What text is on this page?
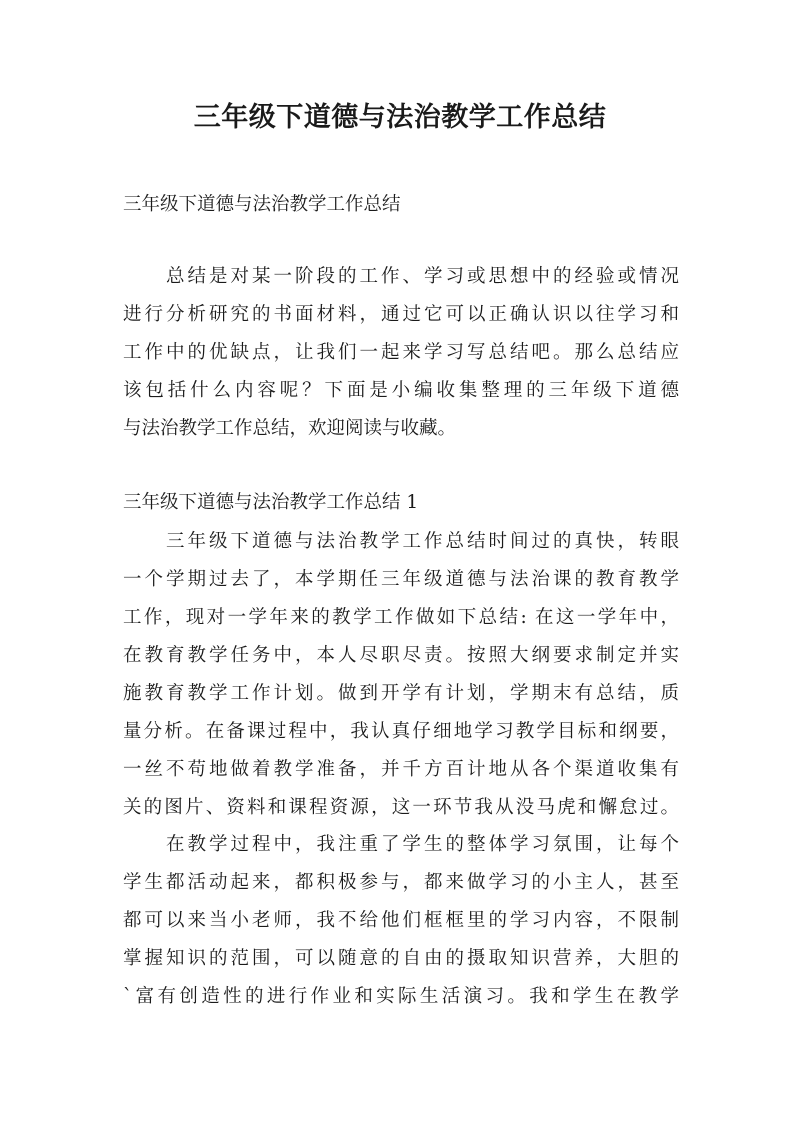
三年级下道德与法治教学工作总结
三年级下道德与法治教学工作总结
总结是对某一阶段的工作、学习或思想中的经验或情况
进行分析研究的书面材料，通过它可以正确认识以往学习和
工作中的优缺点，让我们一起来学习写总结吧。那么总结应
该包括什么内容呢？下面是小编收集整理的三年级下道德
与法治教学工作总结，欢迎阅读与收藏。
三年级下道德与法治教学工作总结 1
三年级下道德与法治教学工作总结时间过的真快，转眼
一个学期过去了，本学期任三年级道德与法治课的教育教学
工作，现对一学年来的教学工作做如下总结: 在这一学年中，
在教育教学任务中，本人尽职尽责。按照大纲要求制定并实
施教育教学工作计划。做到开学有计划，学期末有总结，质
量分析。在备课过程中，我认真仔细地学习教学目标和纲要，
一丝不苟地做着教学准备，并千方百计地从各个渠道收集有
关的图片、资料和课程资源，这一环节我从没马虎和懈怠过。
在教学过程中，我注重了学生的整体学习氛围，让每个
学生都活动起来，都积极参与，都来做学习的小主人，甚至
都可以来当小老师，我不给他们框框里的学习内容，不限制
掌握知识的范围，可以随意的自由的摄取知识营养，大胆的
`富有创造性的进行作业和实际生活演习。我和学生在教学
